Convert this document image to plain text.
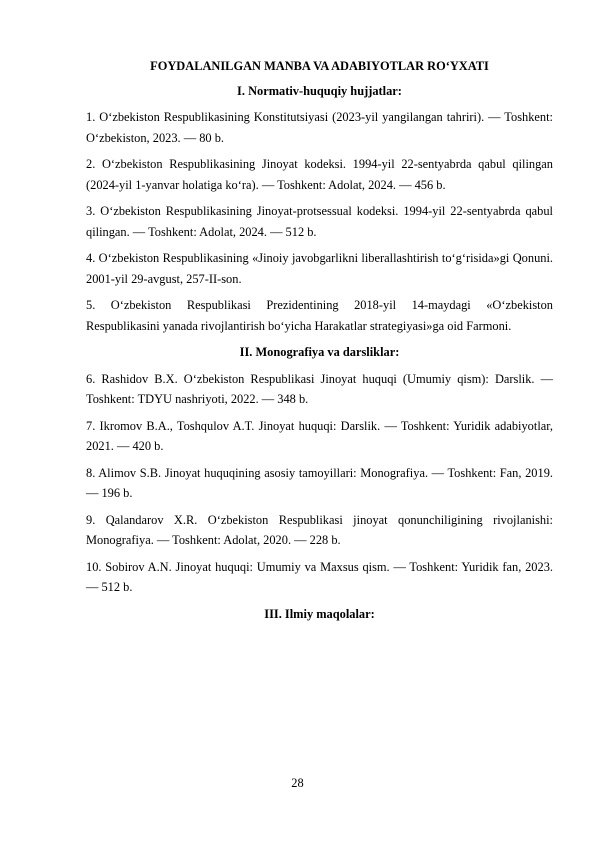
FOYDALANILGAN MANBA VA ADABIYOTLAR RO‘YXATI

I. Normativ-huquqiy hujjatlar:

1. O‘zbekiston Respublikasining Konstitutsiyasi (2023-yil yangilangan tahriri). — Toshkent: O‘zbekiston, 2023. — 80 b.

2. O‘zbekiston Respublikasining Jinoyat kodeksi. 1994-yil 22-sentyabrda qabul qilingan (2024-yil 1-yanvar holatiga ko‘ra). — Toshkent: Adolat, 2024. — 456 b.

3. O‘zbekiston Respublikasining Jinoyat-protsessual kodeksi. 1994-yil 22-sentyabrda qabul qilingan. — Toshkent: Adolat, 2024. — 512 b.

4. O‘zbekiston Respublikasining «Jinoiy javobgarlikni liberallashtirish to‘g‘risida»gi Qonuni. 2001-yil 29-avgust, 257-II-son.

5. O‘zbekiston Respublikasi Prezidentining 2018-yil 14-maydagi «O‘zbekiston Respublikasini yanada rivojlantirish bo‘yicha Harakatlar strategiyasi»ga oid Farmoni.

II. Monografiya va darsliklar:

6. Rashidov B.X. O‘zbekiston Respublikasi Jinoyat huquqi (Umumiy qism): Darslik. — Toshkent: TDYU nashriyoti, 2022. — 348 b.

7. Ikromov B.A., Toshqulov A.T. Jinoyat huquqi: Darslik. — Toshkent: Yuridik adabiyotlar, 2021. — 420 b.

8. Alimov S.B. Jinoyat huquqining asosiy tamoyillari: Monografiya. — Toshkent: Fan, 2019. — 196 b.

9. Qalandarov X.R. O‘zbekiston Respublikasi jinoyat qonunchiligining rivojlanishi: Monografiya. — Toshkent: Adolat, 2020. — 228 b.

10. Sobirov A.N. Jinoyat huquqi: Umumiy va Maxsus qism. — Toshkent: Yuridik fan, 2023. — 512 b.

III. Ilmiy maqolalar:

28
